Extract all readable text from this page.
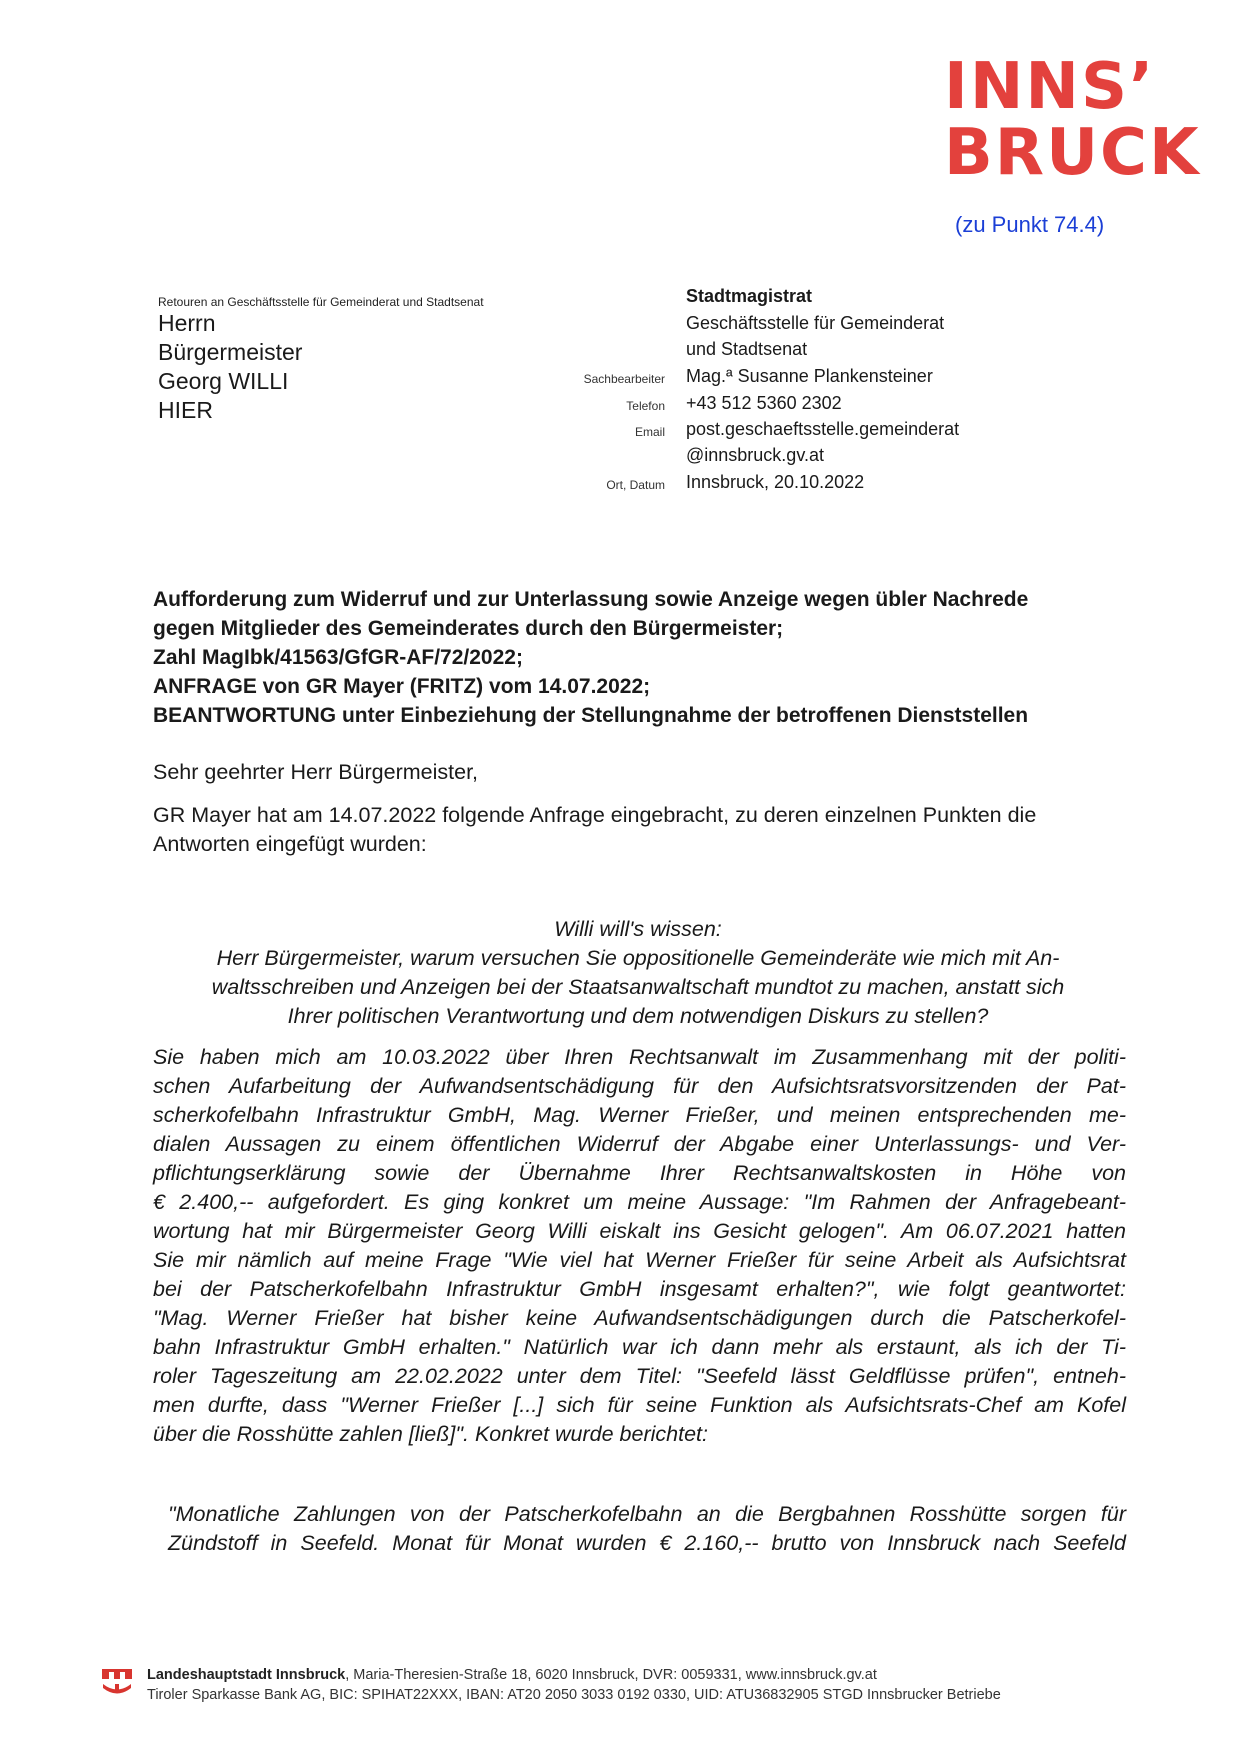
INNS’
BRUCK
(zu Punkt 74.4)
Retouren an Geschäftsstelle für Gemeinderat und Stadtsenat
Herrn
Bürgermeister
Georg WILLI
HIER
Stadtmagistrat
Geschäftsstelle für Gemeinderat
und Stadtsenat
Sachbearbeiter Mag.ª Susanne Plankensteiner
Telefon +43 512 5360 2302
Email post.geschaeftsstelle.gemeinderat
@innsbruck.gv.at
Ort, Datum Innsbruck, 20.10.2022
Aufforderung zum Widerruf und zur Unterlassung sowie Anzeige wegen übler Nachrede
gegen Mitglieder des Gemeinderates durch den Bürgermeister;
Zahl MagIbk/41563/GfGR-AF/72/2022;
ANFRAGE von GR Mayer (FRITZ) vom 14.07.2022;
BEANTWORTUNG unter Einbeziehung der Stellungnahme der betroffenen Dienststellen
Sehr geehrter Herr Bürgermeister,
GR Mayer hat am 14.07.2022 folgende Anfrage eingebracht, zu deren einzelnen Punkten die Antworten eingefügt wurden:
Willi will's wissen:
Herr Bürgermeister, warum versuchen Sie oppositionelle Gemeinderäte wie mich mit An-
waltsschreiben und Anzeigen bei der Staatsanwaltschaft mundtot zu machen, anstatt sich
Ihrer politischen Verantwortung und dem notwendigen Diskurs zu stellen?
Sie haben mich am 10.03.2022 über Ihren Rechtsanwalt im Zusammenhang mit der politi-
schen Aufarbeitung der Aufwandsentschädigung für den Aufsichtsratsvorsitzenden der Pat-
scherkofelbahn Infrastruktur GmbH, Mag. Werner Frießer, und meinen entsprechenden me-
dialen Aussagen zu einem öffentlichen Widerruf der Abgabe einer Unterlassungs- und Ver-
pflichtungserklärung sowie der Übernahme Ihrer Rechtsanwaltskosten in Höhe von
€ 2.400,-- aufgefordert. Es ging konkret um meine Aussage: "Im Rahmen der Anfragebeant-
wortung hat mir Bürgermeister Georg Willi eiskalt ins Gesicht gelogen". Am 06.07.2021 hatten
Sie mir nämlich auf meine Frage "Wie viel hat Werner Frießer für seine Arbeit als Aufsichtsrat
bei der Patscherkofelbahn Infrastruktur GmbH insgesamt erhalten?", wie folgt geantwortet:
"Mag. Werner Frießer hat bisher keine Aufwandsentschädigungen durch die Patscherkofel-
bahn Infrastruktur GmbH erhalten." Natürlich war ich dann mehr als erstaunt, als ich der Ti-
roler Tageszeitung am 22.02.2022 unter dem Titel: "Seefeld lässt Geldflüsse prüfen", entneh-
men durfte, dass "Werner Frießer [...] sich für seine Funktion als Aufsichtsrats-Chef am Kofel
über die Rosshütte zahlen [ließ]". Konkret wurde berichtet:
"Monatliche Zahlungen von der Patscherkofelbahn an die Bergbahnen Rosshütte sorgen für
Zündstoff in Seefeld. Monat für Monat wurden € 2.160,-- brutto von Innsbruck nach Seefeld
Landeshauptstadt Innsbruck, Maria-Theresien-Straße 18, 6020 Innsbruck, DVR: 0059331, www.innsbruck.gv.at
Tiroler Sparkasse Bank AG, BIC: SPIHAT22XXX, IBAN: AT20 2050 3033 0192 0330, UID: ATU36832905 STGD Innsbrucker Betriebe
